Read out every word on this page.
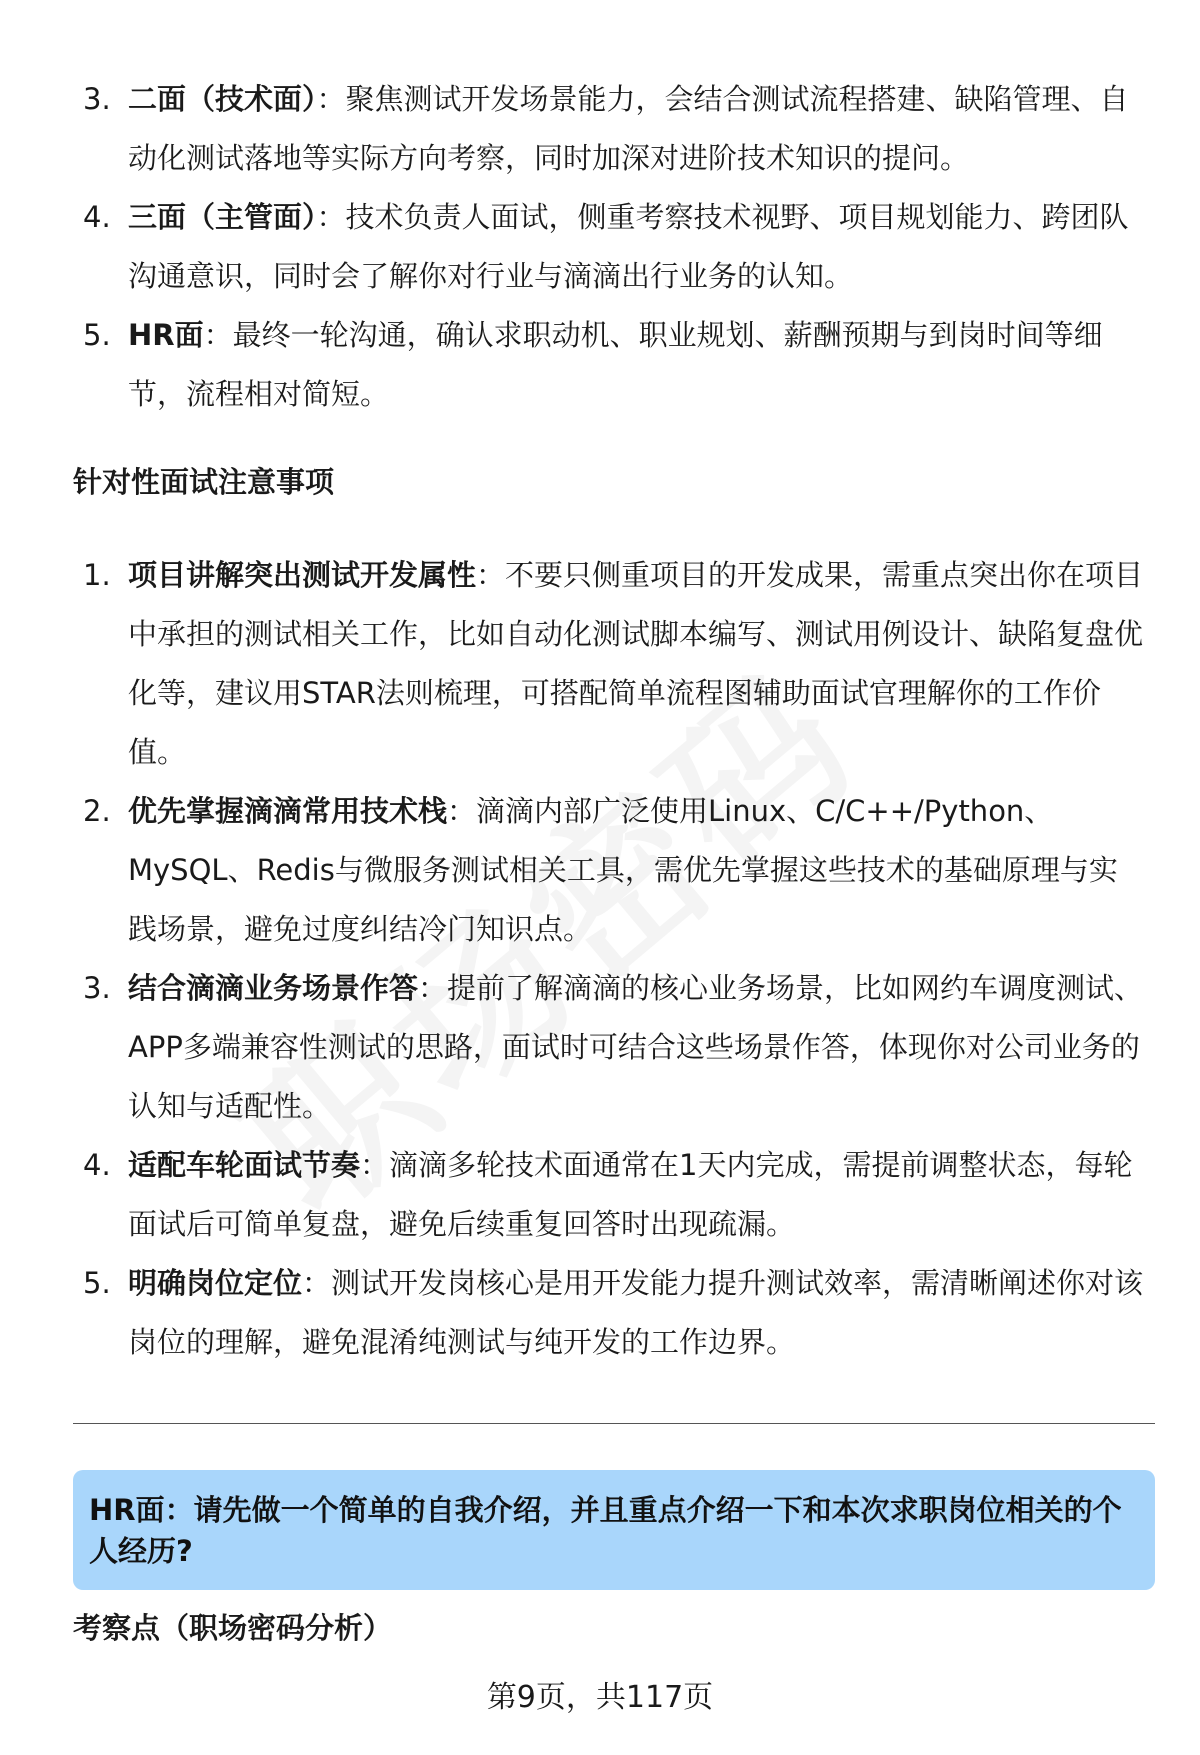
3. 二面（技术面）：聚焦测试开发场景能力，会结合测试流程搭建、缺陷管理、自动化测试落地等实际方向考察，同时加深对进阶技术知识的提问。
4. 三面（主管面）：技术负责人面试，侧重考察技术视野、项目规划能力、跨团队沟通意识，同时会了解你对行业与滴滴出行业务的认知。
5. HR面：最终一轮沟通，确认求职动机、职业规划、薪酬预期与到岗时间等细节，流程相对简短。
针对性面试注意事项
1. 项目讲解突出测试开发属性：不要只侧重项目的开发成果，需重点突出你在项目中承担的测试相关工作，比如自动化测试脚本编写、测试用例设计、缺陷复盘优化等，建议用STAR法则梳理，可搭配简单流程图辅助面试官理解你的工作价值。
2. 优先掌握滴滴常用技术栈：滴滴内部广泛使用Linux、C/C++/Python、MySQL、Redis与微服务测试相关工具，需优先掌握这些技术的基础原理与实践场景，避免过度纠结冷门知识点。
3. 结合滴滴业务场景作答：提前了解滴滴的核心业务场景，比如网约车调度测试、APP多端兼容性测试的思路，面试时可结合这些场景作答，体现你对公司业务的认知与适配性。
4. 适配车轮面试节奏：滴滴多轮技术面通常在1天内完成，需提前调整状态，每轮面试后可简单复盘，避免后续重复回答时出现疏漏。
5. 明确岗位定位：测试开发岗核心是用开发能力提升测试效率，需清晰阐述你对该岗位的理解，避免混淆纯测试与纯开发的工作边界。
HR面：请先做一个简单的自我介绍，并且重点介绍一下和本次求职岗位相关的个人经历?
考察点（职场密码分析）
第9页，共117页
